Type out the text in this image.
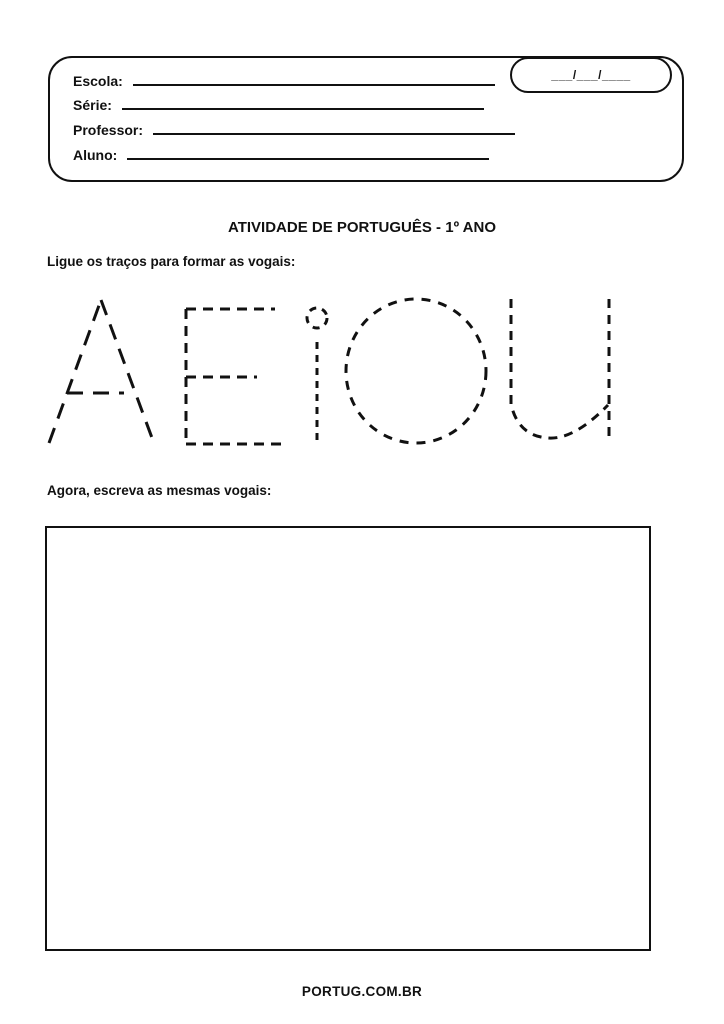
___/___/____
Escola:
Série:
Professor:
Aluno:
ATIVIDADE DE PORTUGUÊS - 1º ANO
Ligue os traços para formar as vogais:
Agora, escreva as mesmas vogais:
PORTUG.COM.BR
